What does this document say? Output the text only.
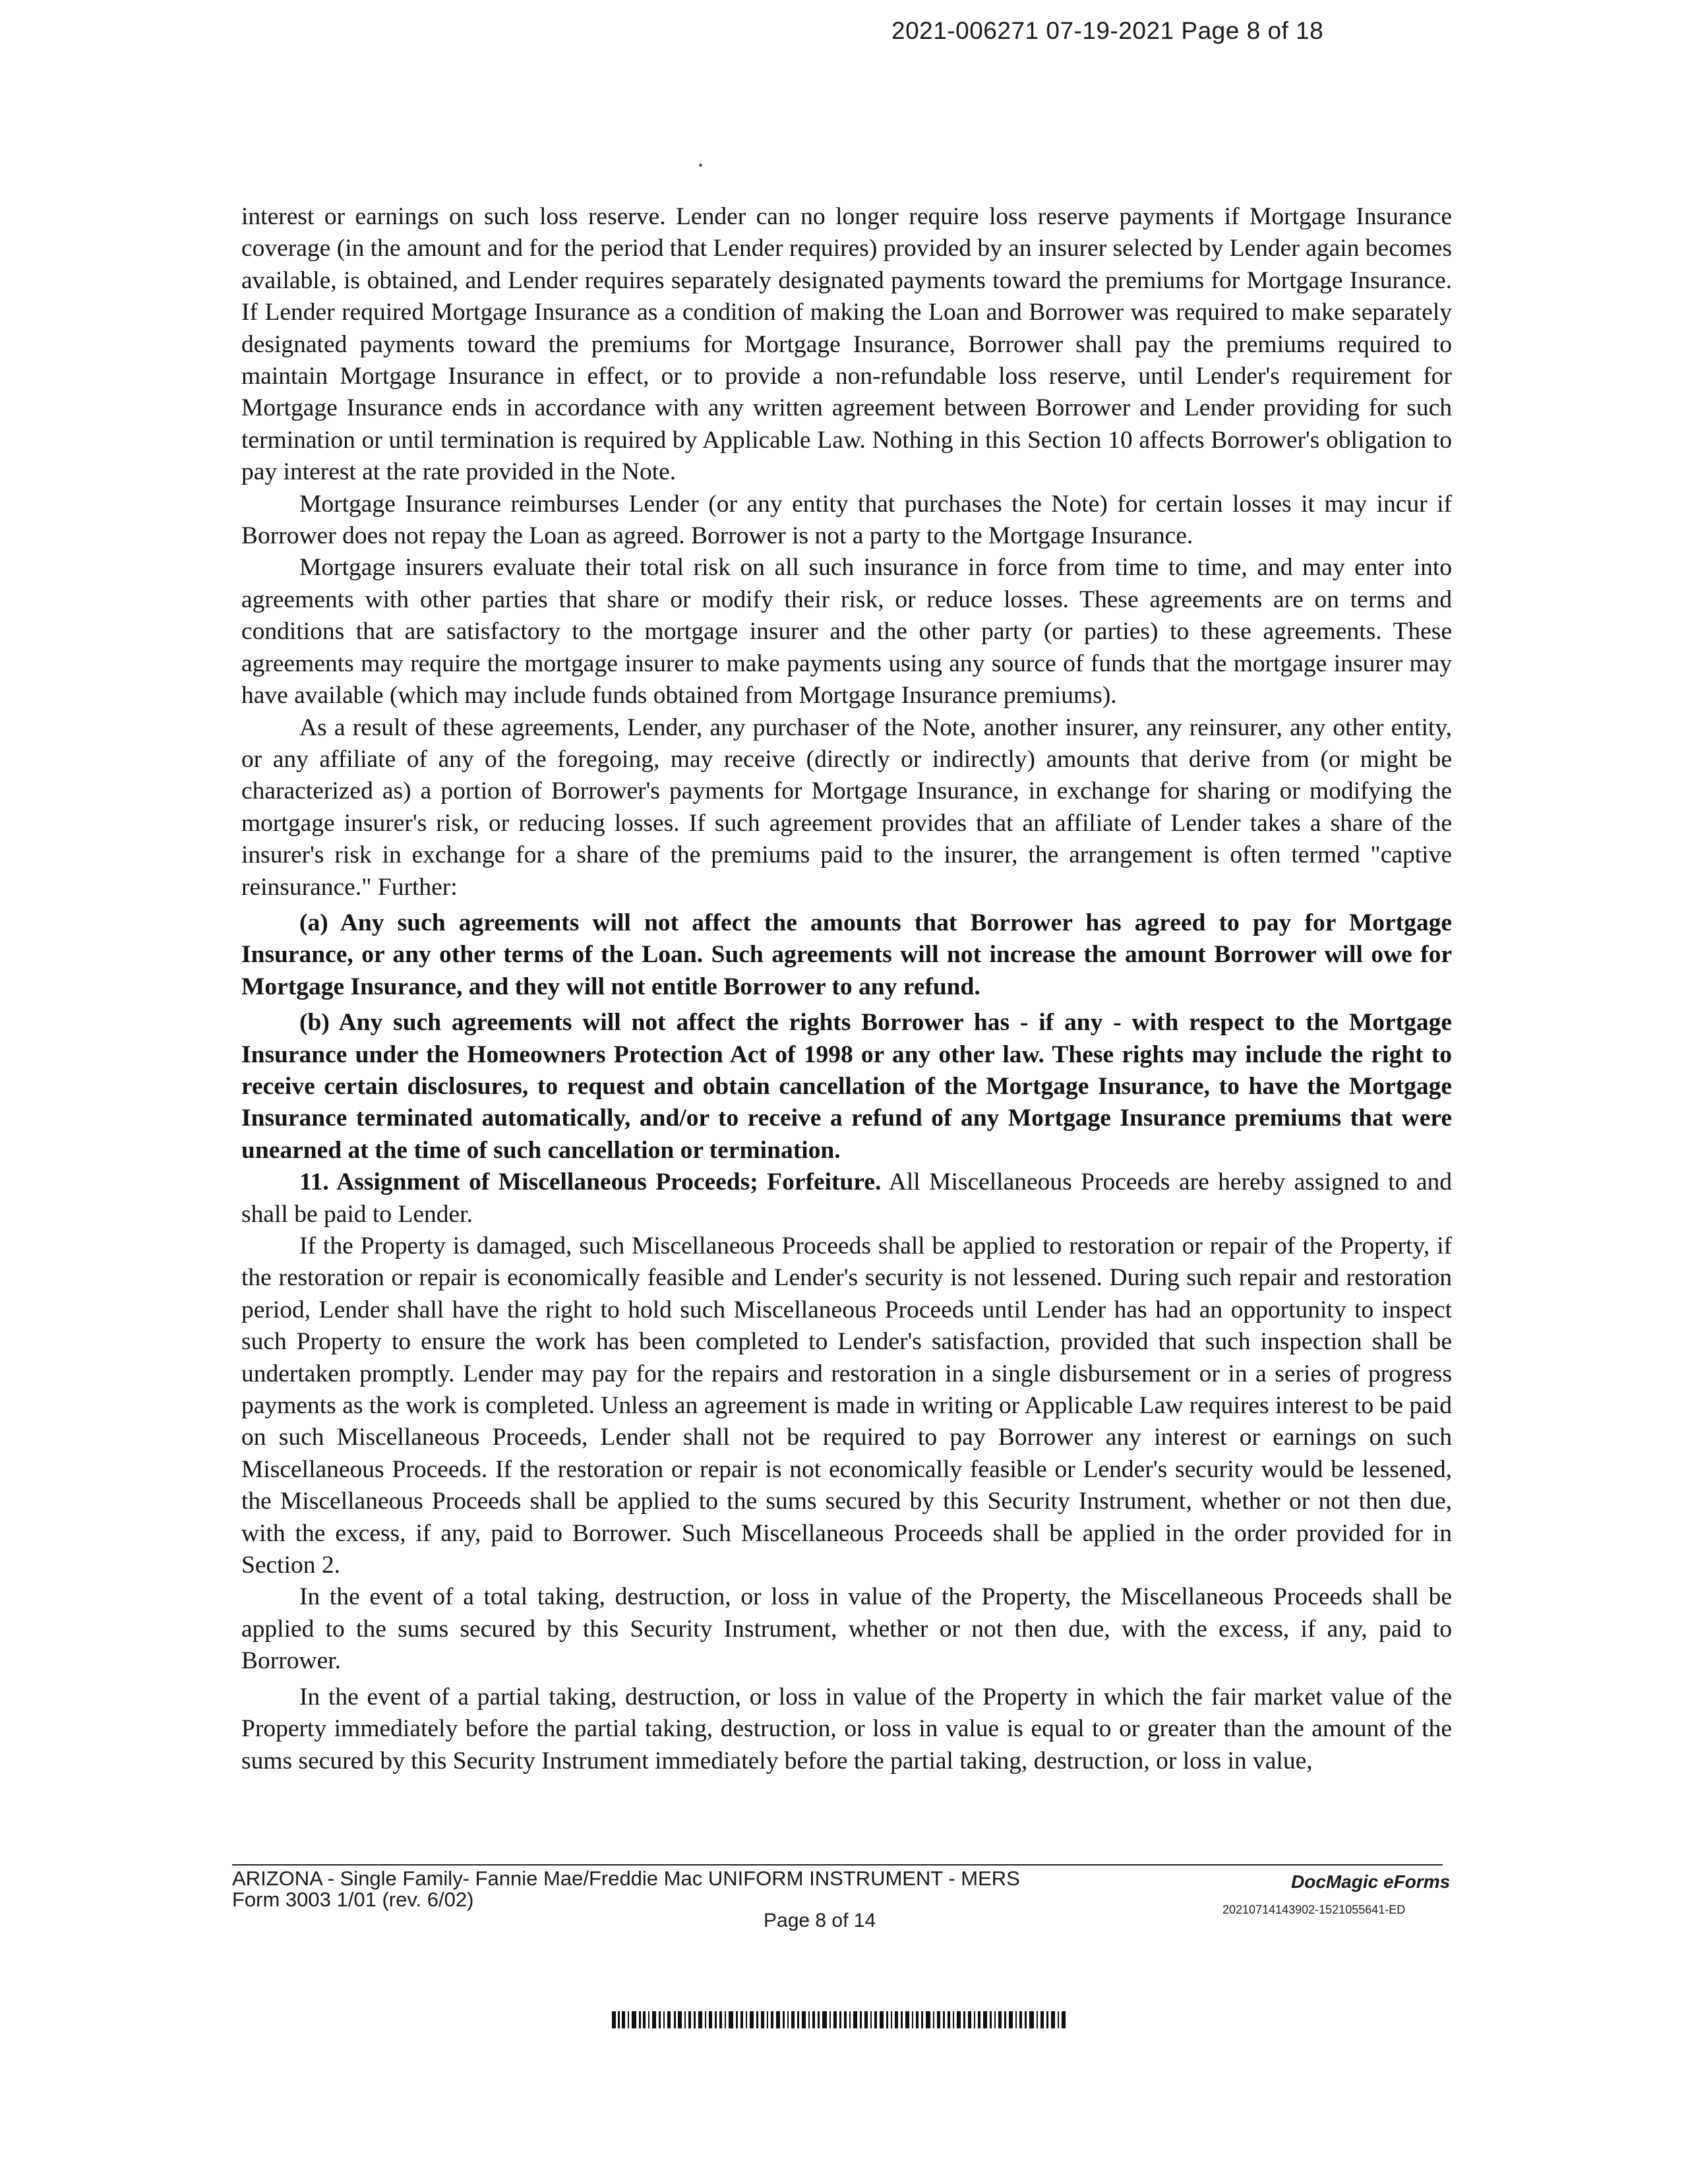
2021-006271 07-19-2021 Page 8 of 18

interest or earnings on such loss reserve. Lender can no longer require loss reserve payments if Mortgage Insurance coverage (in the amount and for the period that Lender requires) provided by an insurer selected by Lender again becomes available, is obtained, and Lender requires separately designated payments toward the premiums for Mortgage Insurance. If Lender required Mortgage Insurance as a condition of making the Loan and Borrower was required to make separately designated payments toward the premiums for Mortgage Insurance, Borrower shall pay the premiums required to maintain Mortgage Insurance in effect, or to provide a non-refundable loss reserve, until Lender's requirement for Mortgage Insurance ends in accordance with any written agreement between Borrower and Lender providing for such termination or until termination is required by Applicable Law. Nothing in this Section 10 affects Borrower's obligation to pay interest at the rate provided in the Note.

Mortgage Insurance reimburses Lender (or any entity that purchases the Note) for certain losses it may incur if Borrower does not repay the Loan as agreed. Borrower is not a party to the Mortgage Insurance.

Mortgage insurers evaluate their total risk on all such insurance in force from time to time, and may enter into agreements with other parties that share or modify their risk, or reduce losses. These agreements are on terms and conditions that are satisfactory to the mortgage insurer and the other party (or parties) to these agreements. These agreements may require the mortgage insurer to make payments using any source of funds that the mortgage insurer may have available (which may include funds obtained from Mortgage Insurance premiums).

As a result of these agreements, Lender, any purchaser of the Note, another insurer, any reinsurer, any other entity, or any affiliate of any of the foregoing, may receive (directly or indirectly) amounts that derive from (or might be characterized as) a portion of Borrower's payments for Mortgage Insurance, in exchange for sharing or modifying the mortgage insurer's risk, or reducing losses. If such agreement provides that an affiliate of Lender takes a share of the insurer's risk in exchange for a share of the premiums paid to the insurer, the arrangement is often termed "captive reinsurance." Further:

(a) Any such agreements will not affect the amounts that Borrower has agreed to pay for Mortgage Insurance, or any other terms of the Loan. Such agreements will not increase the amount Borrower will owe for Mortgage Insurance, and they will not entitle Borrower to any refund.

(b) Any such agreements will not affect the rights Borrower has - if any - with respect to the Mortgage Insurance under the Homeowners Protection Act of 1998 or any other law. These rights may include the right to receive certain disclosures, to request and obtain cancellation of the Mortgage Insurance, to have the Mortgage Insurance terminated automatically, and/or to receive a refund of any Mortgage Insurance premiums that were unearned at the time of such cancellation or termination.

11. Assignment of Miscellaneous Proceeds; Forfeiture. All Miscellaneous Proceeds are hereby assigned to and shall be paid to Lender.

If the Property is damaged, such Miscellaneous Proceeds shall be applied to restoration or repair of the Property, if the restoration or repair is economically feasible and Lender's security is not lessened. During such repair and restoration period, Lender shall have the right to hold such Miscellaneous Proceeds until Lender has had an opportunity to inspect such Property to ensure the work has been completed to Lender's satisfaction, provided that such inspection shall be undertaken promptly. Lender may pay for the repairs and restoration in a single disbursement or in a series of progress payments as the work is completed. Unless an agreement is made in writing or Applicable Law requires interest to be paid on such Miscellaneous Proceeds, Lender shall not be required to pay Borrower any interest or earnings on such Miscellaneous Proceeds. If the restoration or repair is not economically feasible or Lender's security would be lessened, the Miscellaneous Proceeds shall be applied to the sums secured by this Security Instrument, whether or not then due, with the excess, if any, paid to Borrower. Such Miscellaneous Proceeds shall be applied in the order provided for in Section 2.

In the event of a total taking, destruction, or loss in value of the Property, the Miscellaneous Proceeds shall be applied to the sums secured by this Security Instrument, whether or not then due, with the excess, if any, paid to Borrower.

In the event of a partial taking, destruction, or loss in value of the Property in which the fair market value of the Property immediately before the partial taking, destruction, or loss in value is equal to or greater than the amount of the sums secured by this Security Instrument immediately before the partial taking, destruction, or loss in value,

ARIZONA - Single Family- Fannie Mae/Freddie Mac UNIFORM INSTRUMENT - MERS
Form 3003 1/01 (rev. 6/02)
DocMagic eForms
20210714143902-1521055641-ED
Page 8 of 14
